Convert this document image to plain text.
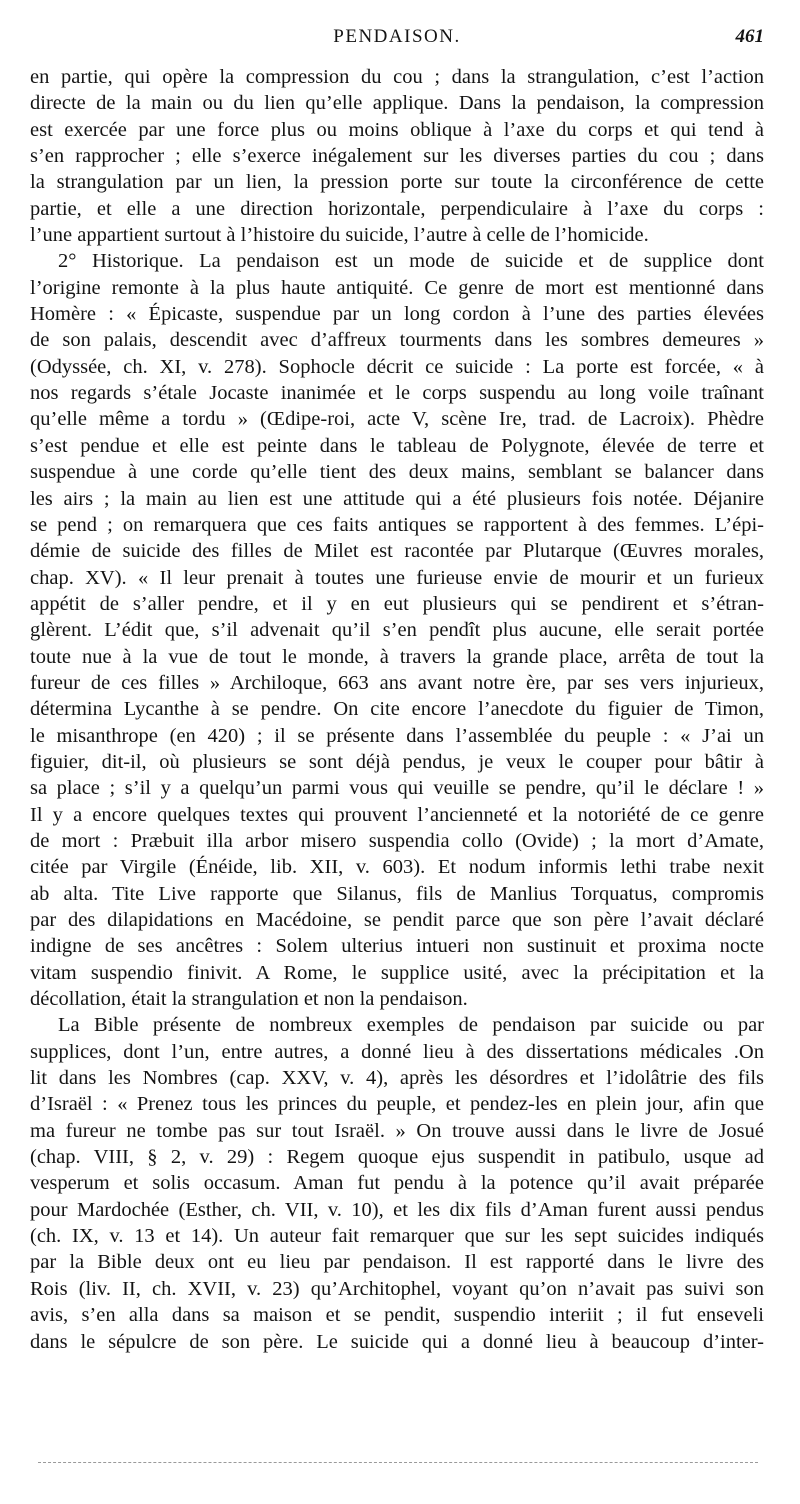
PENDAISON.	461
en partie, qui opère la compression du cou ; dans la strangulation, c’est l’action
directe de la main ou du lien qu’elle applique. Dans la pendaison, la compression
est exercée par une force plus ou moins oblique à l’axe du corps et qui tend à
s’en rapprocher ; elle s’exerce inégalement sur les diverses parties du cou ; dans
la strangulation par un lien, la pression porte sur toute la circonférence de cette
partie, et elle a une direction horizontale, perpendiculaire à l’axe du corps :
l’une appartient surtout à l’histoire du suicide, l’autre à celle de l’homicide.
2° Historique. La pendaison est un mode de suicide et de supplice dont
l’origine remonte à la plus haute antiquité. Ce genre de mort est mentionné dans
Homère : « Épicaste, suspendue par un long cordon à l’une des parties élevées
de son palais, descendit avec d’affreux tourments dans les sombres demeures »
(Odyssée, ch. XI, v. 278). Sophocle décrit ce suicide : La porte est forcée, « à
nos regards s’étale Jocaste inanimée et le corps suspendu au long voile traînant
qu’elle même a tordu » (Œdipe-roi, acte V, scène Ire, trad. de Lacroix). Phèdre
s’est pendue et elle est peinte dans le tableau de Polygnote, élevée de terre et
suspendue à une corde qu’elle tient des deux mains, semblant se balancer dans
les airs ; la main au lien est une attitude qui a été plusieurs fois notée. Déjanire
se pend ; on remarquera que ces faits antiques se rapportent à des femmes. L’épi-
démie de suicide des filles de Milet est racontée par Plutarque (Œuvres morales,
chap. XV). « Il leur prenait à toutes une furieuse envie de mourir et un furieux
appétit de s’aller pendre, et il y en eut plusieurs qui se pendirent et s’étran-
glèrent. L’édit que, s’il advenait qu’il s’en pendît plus aucune, elle serait portée
toute nue à la vue de tout le monde, à travers la grande place, arrêta de tout la
fureur de ces filles » Archiloque, 663 ans avant notre ère, par ses vers injurieux,
détermina Lycanthe à se pendre. On cite encore l’anecdote du figuier de Timon,
le misanthrope (en 420) ; il se présente dans l’assemblée du peuple : « J’ai un
figuier, dit-il, où plusieurs se sont déjà pendus, je veux le couper pour bâtir à
sa place ; s’il y a quelqu’un parmi vous qui veuille se pendre, qu’il le déclare ! »
Il y a encore quelques textes qui prouvent l’ancienneté et la notoriété de ce genre
de mort : Præbuit illa arbor misero suspendia collo (Ovide) ; la mort d’Amate,
citée par Virgile (Énéide, lib. XII, v. 603). Et nodum informis lethi trabe nexit
ab alta. Tite Live rapporte que Silanus, fils de Manlius Torquatus, compromis
par des dilapidations en Macédoine, se pendit parce que son père l’avait déclaré
indigne de ses ancêtres : Solem ulterius intueri non sustinuit et proxima nocte
vitam suspendio finivit. A Rome, le supplice usité, avec la précipitation et la
décollation, était la strangulation et non la pendaison.
La Bible présente de nombreux exemples de pendaison par suicide ou par
supplices, dont l’un, entre autres, a donné lieu à des dissertations médicales .On
lit dans les Nombres (cap. XXV, v. 4), après les désordres et l’idolâtrie des fils
d’Israël : « Prenez tous les princes du peuple, et pendez-les en plein jour, afin que
ma fureur ne tombe pas sur tout Israël. » On trouve aussi dans le livre de Josué
(chap. VIII, § 2, v. 29) : Regem quoque ejus suspendit in patibulo, usque ad
vesperum et solis occasum. Aman fut pendu à la potence qu’il avait préparée
pour Mardochée (Esther, ch. VII, v. 10), et les dix fils d’Aman furent aussi pendus
(ch. IX, v. 13 et 14). Un auteur fait remarquer que sur les sept suicides indiqués
par la Bible deux ont eu lieu par pendaison. Il est rapporté dans le livre des
Rois (liv. II, ch. XVII, v. 23) qu’Architophel, voyant qu’on n’avait pas suivi son
avis, s’en alla dans sa maison et se pendit, suspendio interiit ; il fut enseveli
dans le sépulcre de son père. Le suicide qui a donné lieu à beaucoup d’inter-
